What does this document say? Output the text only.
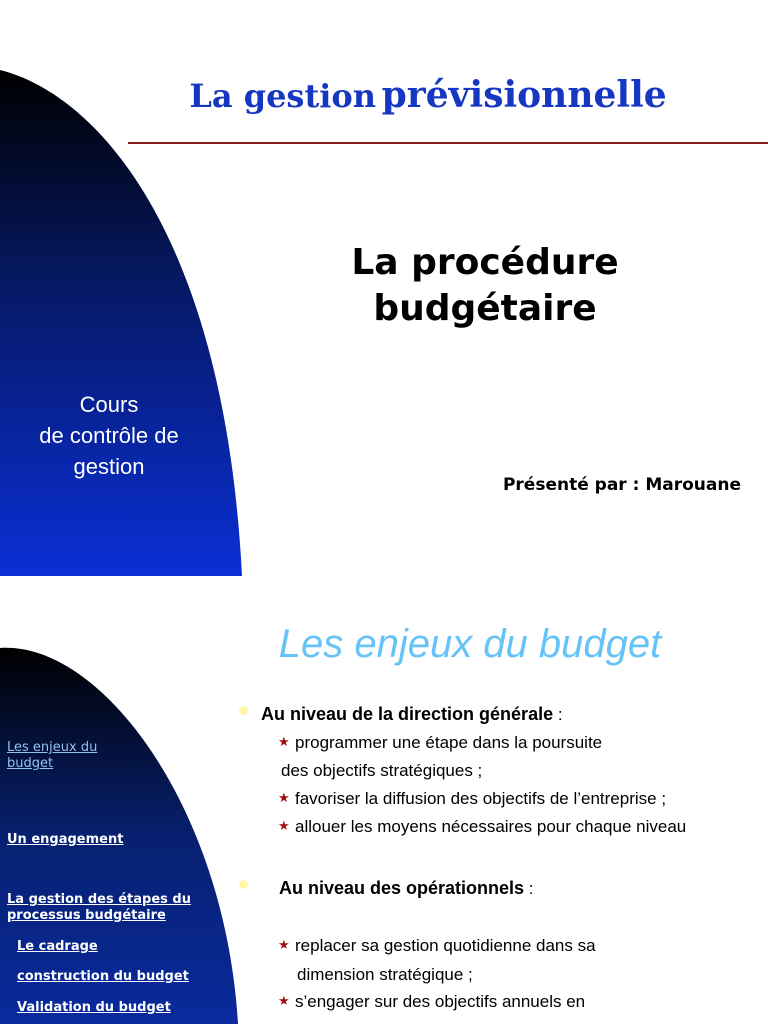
La gestion prévisionnelle
La procédure
budgétaire
Cours
de contrôle de
gestion
Présenté par : Marouane
Les enjeux du budget
Les enjeux du
budget
Un engagement
La gestion des étapes du
processus budgétaire
Le cadrage
construction du budget
Validation du budget
Au niveau de la direction générale :
★ programmer une étape dans la poursuite
des objectifs stratégiques ;
★ favoriser la diffusion des objectifs de l’entreprise ;
★ allouer les moyens nécessaires pour chaque niveau
Au niveau des opérationnels :
★ replacer sa gestion quotidienne dans sa
dimension stratégique ;
★ s’engager sur des objectifs annuels en
